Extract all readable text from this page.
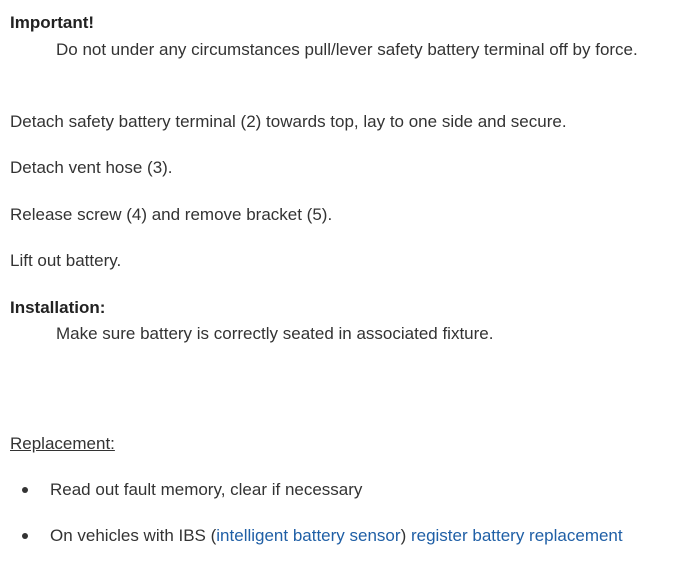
Important!
Do not under any circumstances pull/lever safety battery terminal off by force.
Detach safety battery terminal (2) towards top, lay to one side and secure.
Detach vent hose (3).
Release screw (4) and remove bracket (5).
Lift out battery.
Installation:
Make sure battery is correctly seated in associated fixture.
Replacement:
Read out fault memory, clear if necessary
On vehicles with IBS (intelligent battery sensor) register battery replacement
